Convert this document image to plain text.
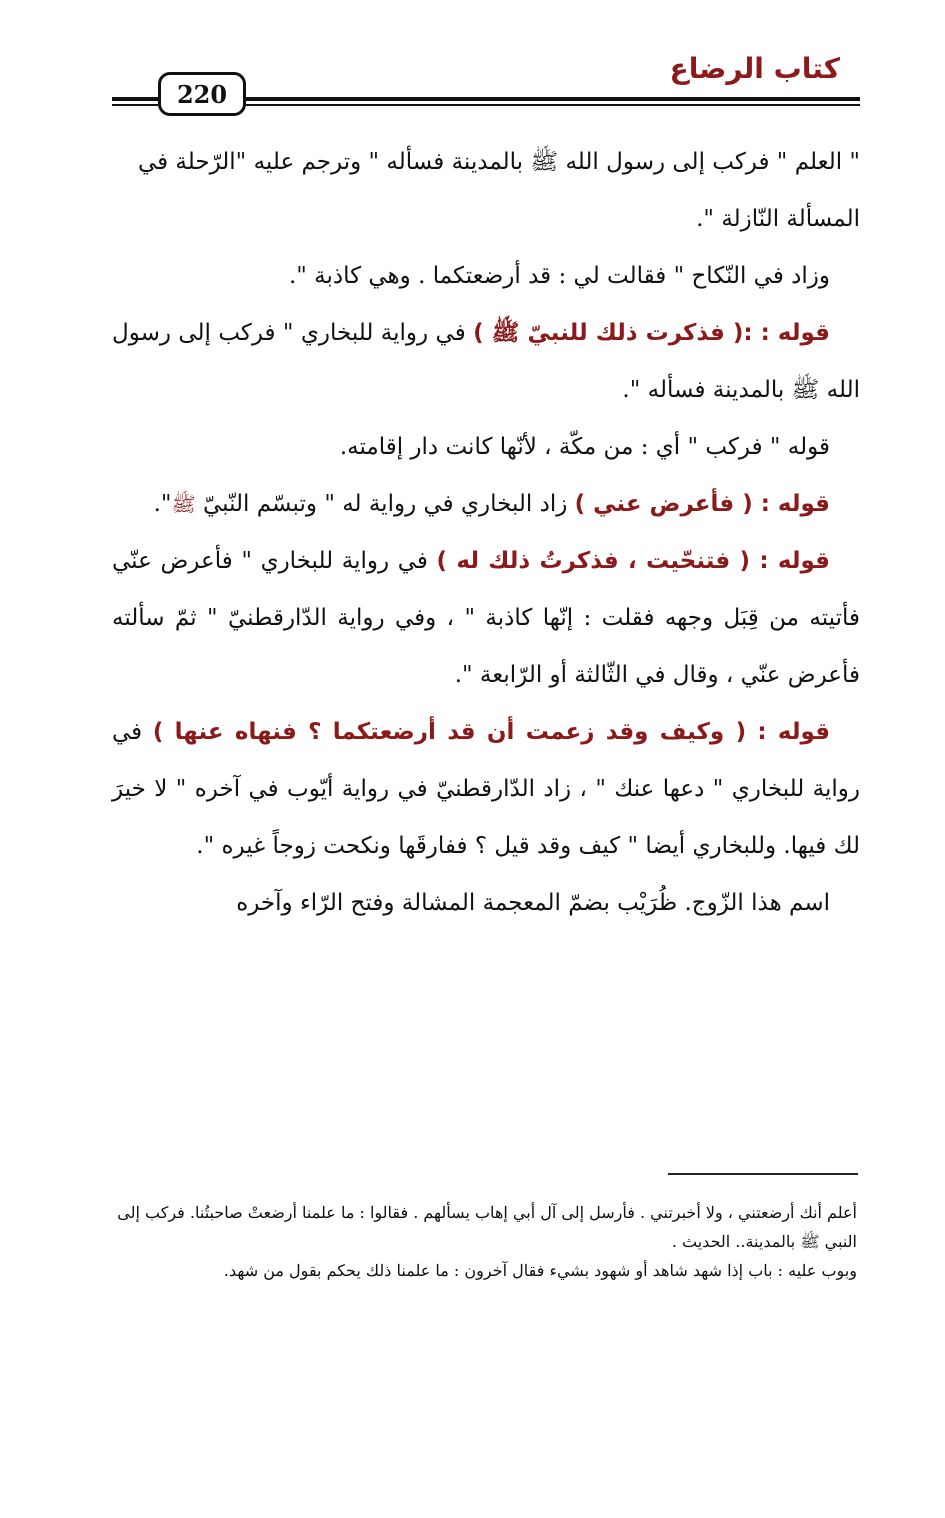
كتاب الرضاع
220

" العلم " فركب إلى رسول الله ﷺ بالمدينة فسأله " وترجم عليه "الرّحلة في المسألة النّازلة ".

وزاد في النّكاح " فقالت لي : قد أرضعتكما . وهي كاذبة ".

قوله : :( فذكرت ذلك للنبيّ ﷺ ) في رواية للبخاري " فركب إلى رسول الله ﷺ بالمدينة فسأله ".

قوله " فركب " أي : من مكّة ، لأنّها كانت دار إقامته.

قوله : ( فأعرض عني ) زاد البخاري في رواية له " وتبسّم النّبيّ ﷺ".

قوله : ( فتنحّيت ، فذكرتُ ذلك له ) في رواية للبخاري " فأعرض عنّي فأتيته من قِبَل وجهه فقلت : إنّها كاذبة " ، وفي رواية الدّارقطنيّ " ثمّ سألته فأعرض عنّي ، وقال في الثّالثة أو الرّابعة ".

قوله : ( وكيف وقد زعمت أن قد أرضعتكما ؟ فنهاه عنها ) في رواية للبخاري " دعها عنك " ، زاد الدّارقطنيّ في رواية أيّوب في آخره " لا خيرَ لك فيها. وللبخاري أيضا " كيف وقد قيل ؟ ففارقَها ونكحت زوجاً غيره ".

اسم هذا الزّوج. ظُرَيْب بضمّ المعجمة المشالة وفتح الرّاء وآخره

أعلم أنك أرضعتني ، ولا أخبرتني . فأرسل إلى آل أبي إهاب يسألهم . فقالوا : ما علمنا أرضعتْ صاحبتُنا. فركب إلى النبي ﷺ بالمدينة.. الحديث .

وبوب عليه : باب إذا شهد شاهد أو شهود بشيء فقال آخرون : ما علمنا ذلك يحكم بقول من شهد.
